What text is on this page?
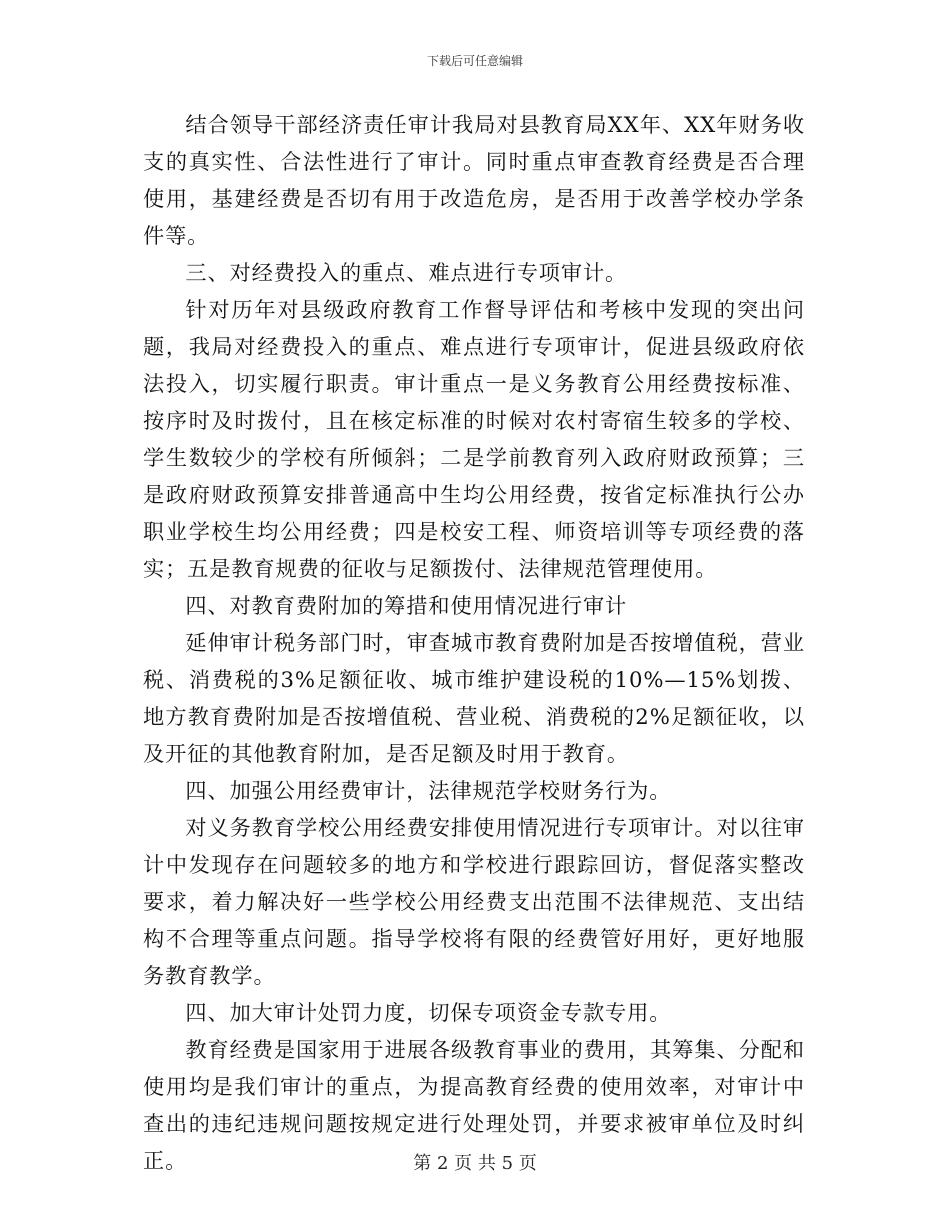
下载后可任意编辑

结合领导干部经济责任审计我局对县教育局XX年、XX年财务收支的真实性、合法性进行了审计。同时重点审查教育经费是否合理使用，基建经费是否切有用于改造危房，是否用于改善学校办学条件等。

三、对经费投入的重点、难点进行专项审计。

针对历年对县级政府教育工作督导评估和考核中发现的突出问题，我局对经费投入的重点、难点进行专项审计，促进县级政府依法投入，切实履行职责。审计重点一是义务教育公用经费按标准、按序时及时拨付，且在核定标准的时候对农村寄宿生较多的学校、学生数较少的学校有所倾斜；二是学前教育列入政府财政预算；三是政府财政预算安排普通高中生均公用经费，按省定标准执行公办职业学校生均公用经费；四是校安工程、师资培训等专项经费的落实；五是教育规费的征收与足额拨付、法律规范管理使用。

四、对教育费附加的筹措和使用情况进行审计

延伸审计税务部门时，审查城市教育费附加是否按增值税，营业税、消费税的3%足额征收、城市维护建设税的10%—15%划拨、地方教育费附加是否按增值税、营业税、消费税的2%足额征收，以及开征的其他教育附加，是否足额及时用于教育。

四、加强公用经费审计，法律规范学校财务行为。

对义务教育学校公用经费安排使用情况进行专项审计。对以往审计中发现存在问题较多的地方和学校进行跟踪回访，督促落实整改要求，着力解决好一些学校公用经费支出范围不法律规范、支出结构不合理等重点问题。指导学校将有限的经费管好用好，更好地服务教育教学。

四、加大审计处罚力度，切保专项资金专款专用。

教育经费是国家用于进展各级教育事业的费用，其筹集、分配和使用均是我们审计的重点，为提高教育经费的使用效率，对审计中查出的违纪违规问题按规定进行处理处罚，并要求被审单位及时纠正。	第 2 页 共 5 页
